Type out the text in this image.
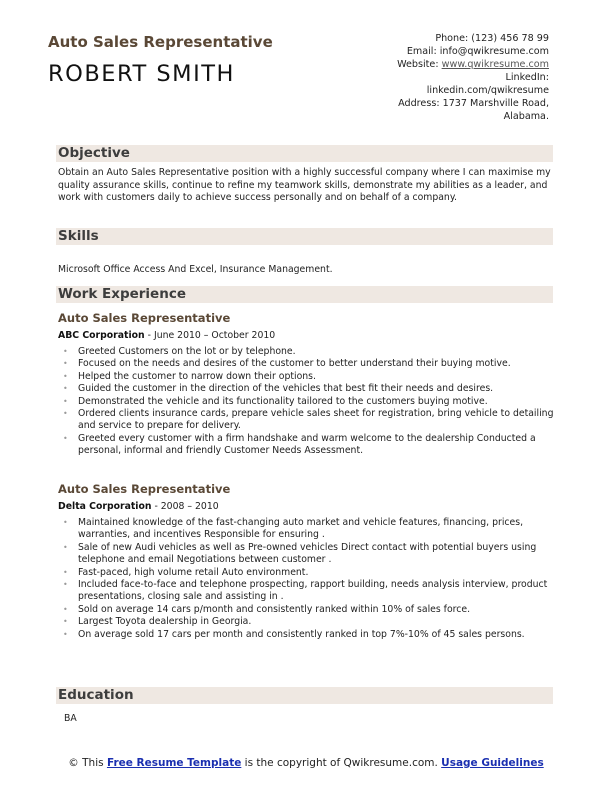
Auto Sales Representative
ROBERT SMITH
Phone: (123) 456 78 99
Email: info@qwikresume.com
Website: www.qwikresume.com
LinkedIn:
linkedin.com/qwikresume
Address: 1737 Marshville Road,
Alabama.
Objective
Obtain an Auto Sales Representative position with a highly successful company where I can maximise my quality assurance skills, continue to refine my teamwork skills, demonstrate my abilities as a leader, and work with customers daily to achieve success personally and on behalf of a company.
Skills
Microsoft Office Access And Excel, Insurance Management.
Work Experience
Auto Sales Representative
ABC Corporation - June 2010 – October 2010
• Greeted Customers on the lot or by telephone.
• Focused on the needs and desires of the customer to better understand their buying motive.
• Helped the customer to narrow down their options.
• Guided the customer in the direction of the vehicles that best fit their needs and desires.
• Demonstrated the vehicle and its functionality tailored to the customers buying motive.
• Ordered clients insurance cards, prepare vehicle sales sheet for registration, bring vehicle to detailing and service to prepare for delivery.
• Greeted every customer with a firm handshake and warm welcome to the dealership Conducted a personal, informal and friendly Customer Needs Assessment.
Auto Sales Representative
Delta Corporation - 2008 – 2010
• Maintained knowledge of the fast-changing auto market and vehicle features, financing, prices, warranties, and incentives Responsible for ensuring .
• Sale of new Audi vehicles as well as Pre-owned vehicles Direct contact with potential buyers using telephone and email Negotiations between customer .
• Fast-paced, high volume retail Auto environment.
• Included face-to-face and telephone prospecting, rapport building, needs analysis interview, product presentations, closing sale and assisting in .
• Sold on average 14 cars p/month and consistently ranked within 10% of sales force.
• Largest Toyota dealership in Georgia.
• On average sold 17 cars per month and consistently ranked in top 7%-10% of 45 sales persons.
Education
BA
© This Free Resume Template is the copyright of Qwikresume.com. Usage Guidelines
